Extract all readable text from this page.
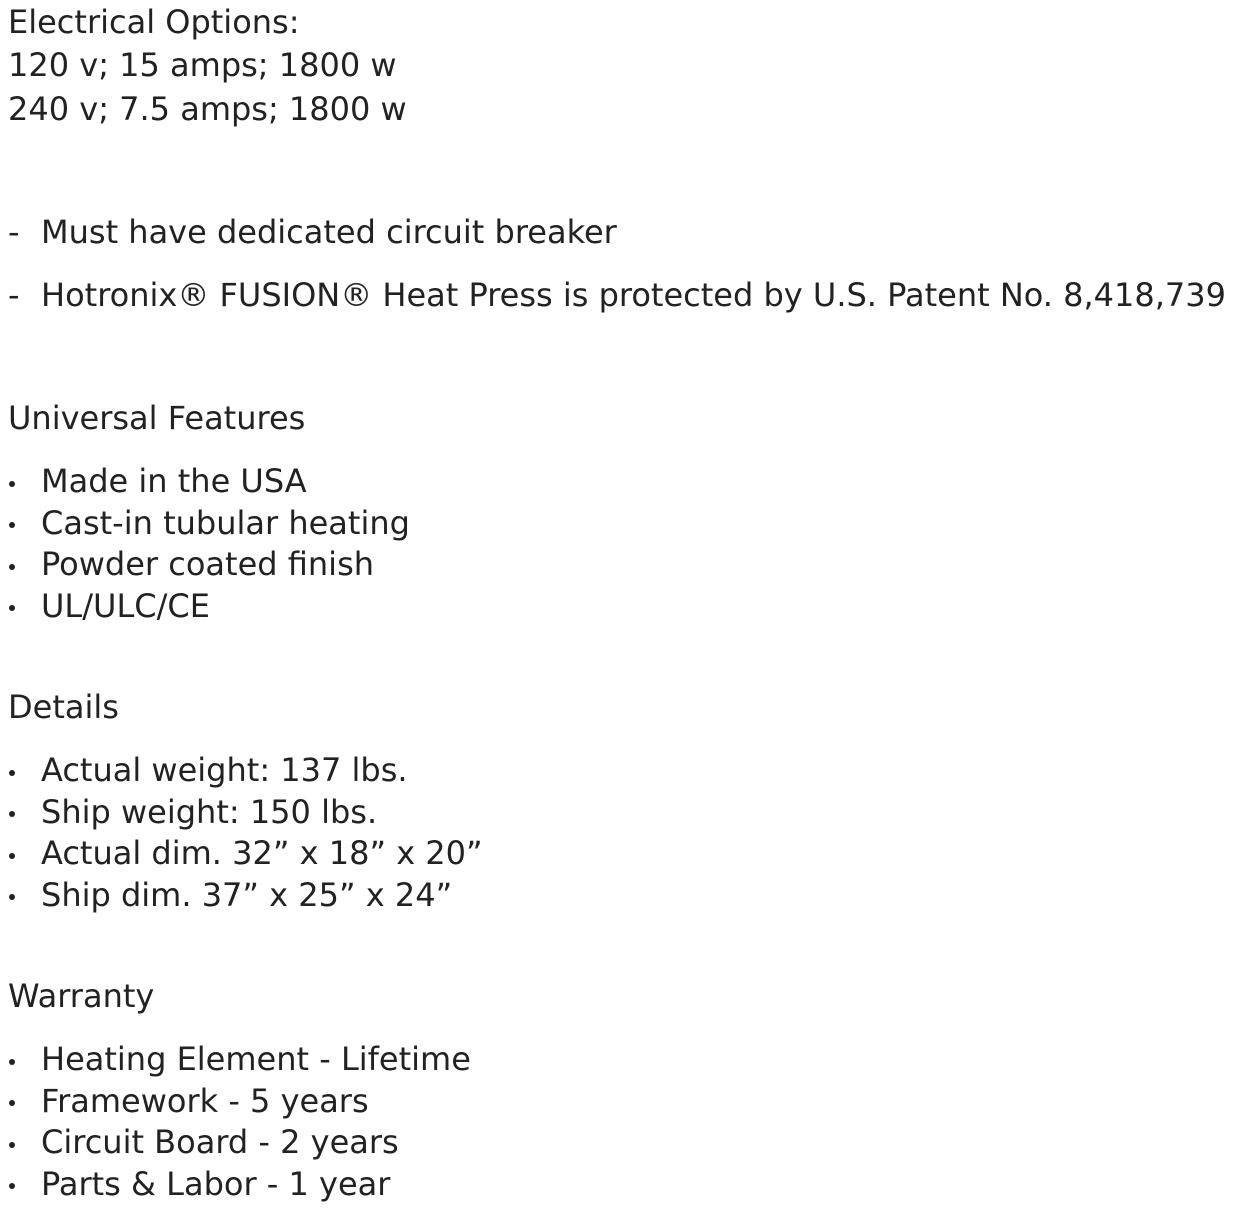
Electrical Options:
120 v; 15 amps; 1800 w
240 v; 7.5 amps; 1800 w
- Must have dedicated circuit breaker
- Hotronix® FUSION® Heat Press is protected by U.S. Patent No. 8,418,739
Universal Features
Made in the USA
Cast-in tubular heating
Powder coated finish
UL/ULC/CE
Details
Actual weight: 137 lbs.
Ship weight: 150 lbs.
Actual dim. 32” x 18” x 20”
Ship dim. 37” x 25” x 24”
Warranty
Heating Element - Lifetime
Framework - 5 years
Circuit Board - 2 years
Parts & Labor - 1 year
